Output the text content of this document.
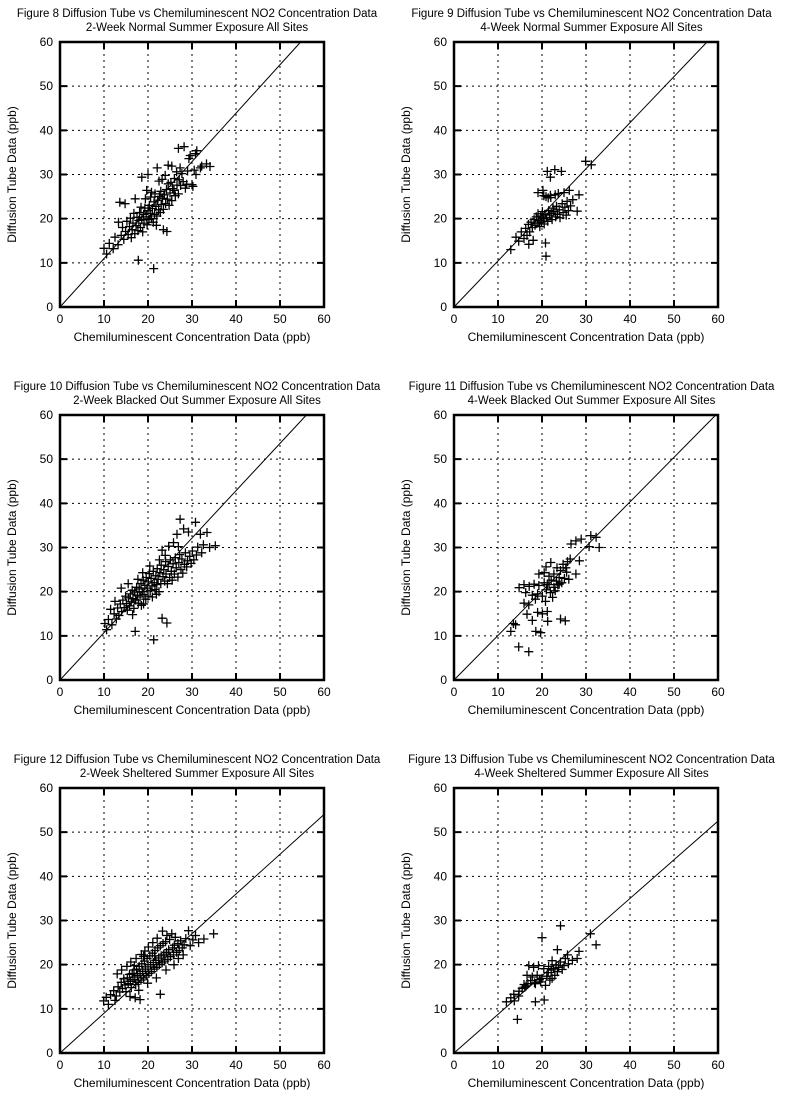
Figure 8 Diffusion Tube vs Chemiluminescent NO2 Concentration Data
2-Week Normal Summer Exposure All Sites
0	10	20	30	40	50	60
0
10
20
30
40
50
60
Chemiluminescent Concentration Data (ppb)
Diffusion Tube Data (ppb)
Figure 9 Diffusion Tube vs Chemiluminescent NO2 Concentration Data
4-Week Normal Summer Exposure All Sites
0	10	20	30	40	50	60
0
10
20
30
40
50
60
Chemiluminescent Concentration Data (ppb)
Diffusion Tube Data (ppb)
Figure 10 Diffusion Tube vs Chemiluminescent NO2 Concentration Data
2-Week Blacked Out Summer Exposure All Sites
0	10	20	30	40	50	60
0
10
20
30
40
50
60
Chemiluminescent Concentration Data (ppb)
Diffusion Tube Data (ppb)
Figure 11 Diffusion Tube vs Chemiluminescent NO2 Concentration Data
4-Week Blacked Out Summer Exposure All Sites
0	10	20	30	40	50	60
0
10
20
30
40
50
60
Chemiluminescent Concentration Data (ppb)
Diffusion Tube Data (ppb)
Figure 12 Diffusion Tube vs Chemiluminescent NO2 Concentration Data
2-Week Sheltered Summer Exposure All Sites
0	10	20	30	40	50	60
0
10
20
30
40
50
60
Chemiluminescent Concentration Data (ppb)
Diffusion Tube Data (ppb)
Figure 13 Diffusion Tube vs Chemiluminescent NO2 Concentration Data
4-Week Sheltered Summer Exposure All Sites
0	10	20	30	40	50	60
0
10
20
30
40
50
60
Chemiluminescent Concentration Data (ppb)
Diffusion Tube Data (ppb)
